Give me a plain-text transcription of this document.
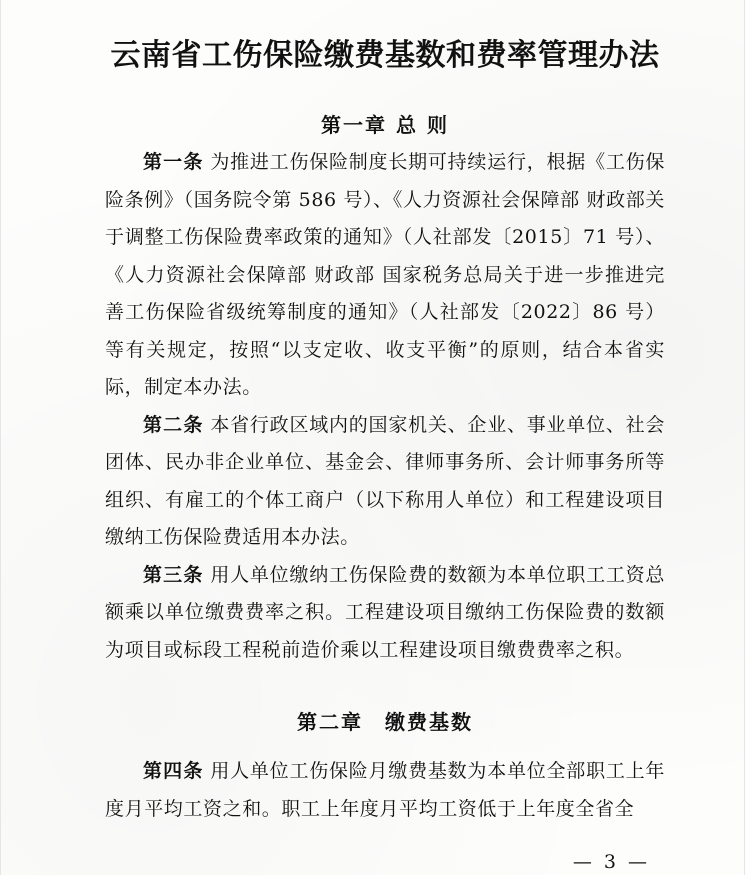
云南省工伤保险缴费基数和费率管理办法
第一章 总 则

第一条 为推进工伤保险制度长期可持续运行，根据《工伤保险条例》（国务院令第 586 号）、《人力资源社会保障部 财政部关于调整工伤保险费率政策的通知》（人社部发〔2015〕71 号）、《人力资源社会保障部 财政部 国家税务总局关于进一步推进完善工伤保险省级统筹制度的通知》（人社部发〔2022〕86 号）等有关规定，按照“以支定收、收支平衡”的原则，结合本省实际，制定本办法。

第二条 本省行政区域内的国家机关、企业、事业单位、社会团体、民办非企业单位、基金会、律师事务所、会计师事务所等组织、有雇工的个体工商户（以下称用人单位）和工程建设项目缴纳工伤保险费适用本办法。

第三条 用人单位缴纳工伤保险费的数额为本单位职工工资总额乘以单位缴费费率之积。工程建设项目缴纳工伤保险费的数额为项目或标段工程税前造价乘以工程建设项目缴费费率之积。

第二章　缴费基数

第四条 用人单位工伤保险月缴费基数为本单位全部职工上年度月平均工资之和。职工上年度月平均工资低于上年度全省全

— 3 —
